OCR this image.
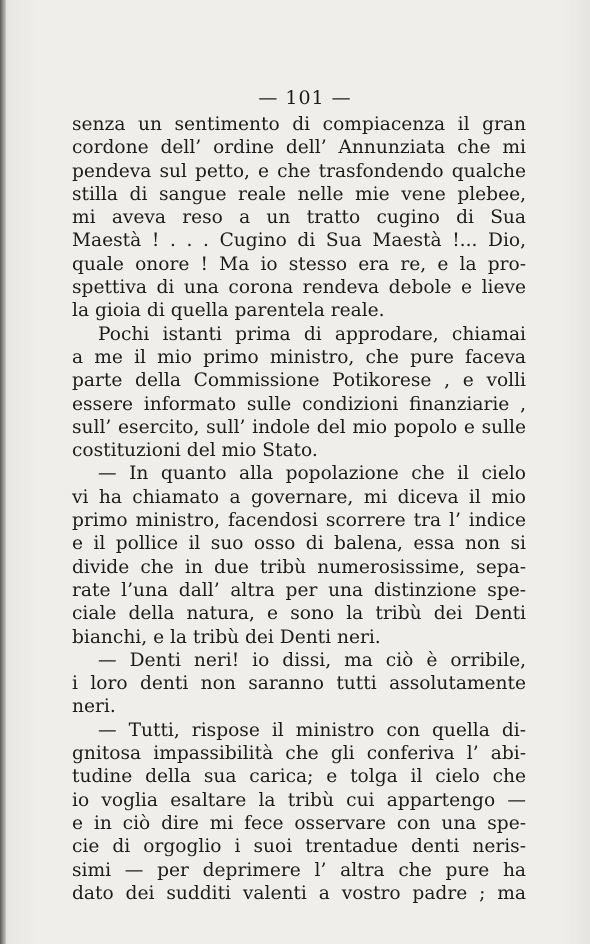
— 101 —
senza un sentimento di compiacenza il gran
cordone dell’ ordine dell’ Annunziata che mi
pendeva sul petto, e che trasfondendo qualche
stilla di sangue reale nelle mie vene plebee,
mi aveva reso a un tratto cugino di Sua
Maestà ! . . . Cugino di Sua Maestà !... Dio,
quale onore ! Ma io stesso era re, e la pro-
spettiva di una corona rendeva debole e lieve
la gioia di quella parentela reale.
Pochi istanti prima di approdare, chiamai
a me il mio primo ministro, che pure faceva
parte della Commissione Potikorese , e volli
essere informato sulle condizioni finanziarie ,
sull’ esercito, sull’ indole del mio popolo e sulle
costituzioni del mio Stato.
— In quanto alla popolazione che il cielo
vi ha chiamato a governare, mi diceva il mio
primo ministro, facendosi scorrere tra l’ indice
e il pollice il suo osso di balena, essa non si
divide che in due tribù numerosissime, sepa-
rate l’una dall’ altra per una distinzione spe-
ciale della natura, e sono la tribù dei Denti
bianchi, e la tribù dei Denti neri.
— Denti neri! io dissi, ma ciò è orribile,
i loro denti non saranno tutti assolutamente
neri.
— Tutti, rispose il ministro con quella di-
gnitosa impassibilità che gli conferiva l’ abi-
tudine della sua carica; e tolga il cielo che
io voglia esaltare la tribù cui appartengo —
e in ciò dire mi fece osservare con una spe-
cie di orgoglio i suoi trentadue denti neris-
simi — per deprimere l’ altra che pure ha
dato dei sudditi valenti a vostro padre ; ma
